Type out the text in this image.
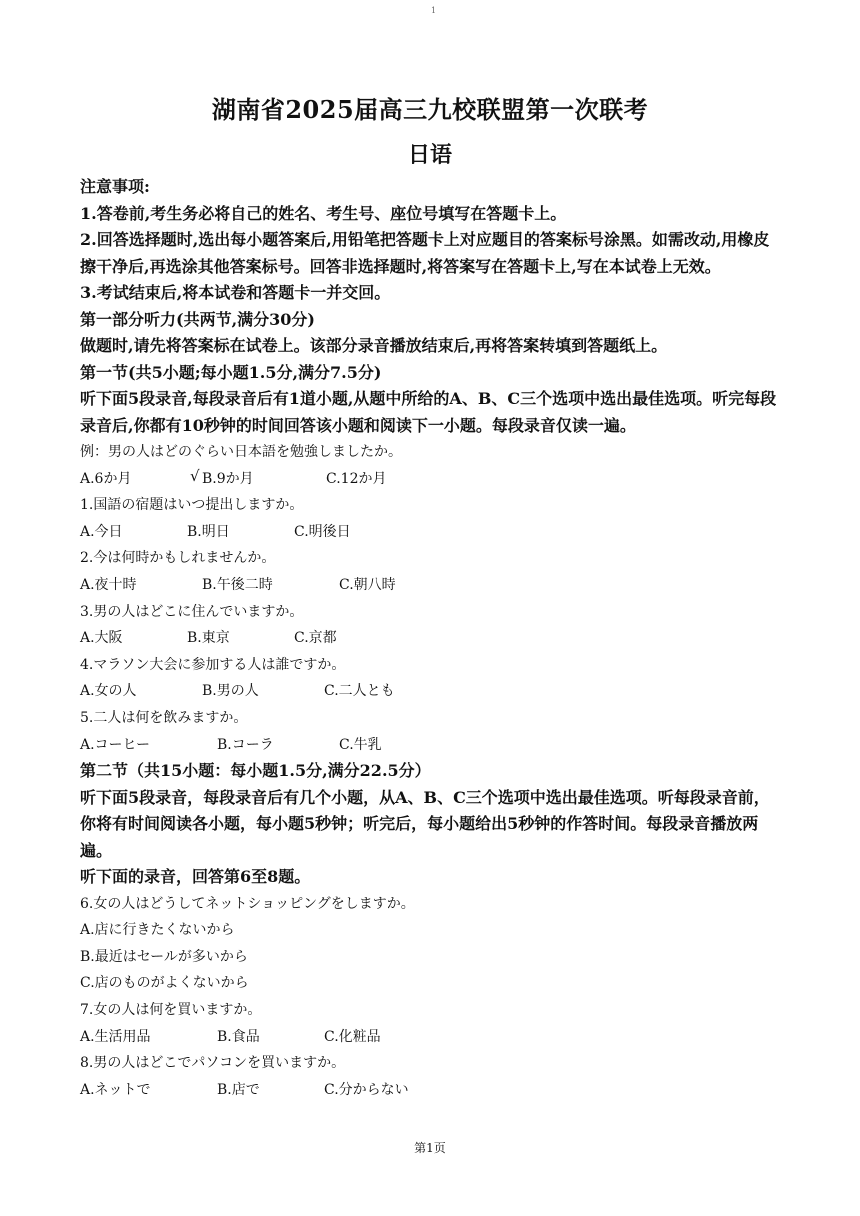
1
湖南省2025届高三九校联盟第一次联考
日语
注意事项:
1.答卷前,考生务必将自己的姓名、考生号、座位号填写在答题卡上。
2.回答选择题时,选出每小题答案后,用铅笔把答题卡上对应题目的答案标号涂黑。如需改动,用橡皮擦干净后,再选涂其他答案标号。回答非选择题时,将答案写在答题卡上,写在本试卷上无效。
3.考试结束后,将本试卷和答题卡一并交回。
第一部分听力(共两节,满分30分)
做题时,请先将答案标在试卷上。该部分录音播放结束后,再将答案转填到答题纸上。
第一节(共5小题;每小题1.5分,满分7.5分)
听下面5段录音,每段录音后有1道小题,从题中所给的A、B、C三个选项中选出最佳选项。听完每段录音后,你都有10秒钟的时间回答该小题和阅读下一小题。每段录音仅读一遍。
例：男の人はどのぐらい日本語を勉強しましたか。
A.6か月
√	B.9か月	C.12か月
1.国語の宿題はいつ提出しますか。
A.今日	B.明日	C.明後日
2.今は何時かもしれませんか。
A.夜十時	B.午後二時	C.朝八時
3.男の人はどこに住んでいますか。
A.大阪	B.東京	C.京都
4.マラソン大会に参加する人は誰ですか。
A.女の人	B.男の人	C.二人とも
5.二人は何を飲みますか。
A.コーヒー	B.コーラ	C.牛乳
第二节（共15小题：每小题1.5分,满分22.5分）
听下面5段录音，每段录音后有几个小题，从A、B、C三个选项中选出最佳选项。听每段录音前，你将有时间阅读各小题，每小题5秒钟；听完后，每小题给出5秒钟的作答时间。每段录音播放两遍。
听下面的录音，回答第6至8题。
6.女の人はどうしてネットショッピングをしますか。
A.店に行きたくないから
B.最近はセールが多いから
C.店のものがよくないから
7.女の人は何を買いますか。
A.生活用品	B.食品	C.化粧品
8.男の人はどこでパソコンを買いますか。
A.ネットで	B.店で	C.分からない
第1页
